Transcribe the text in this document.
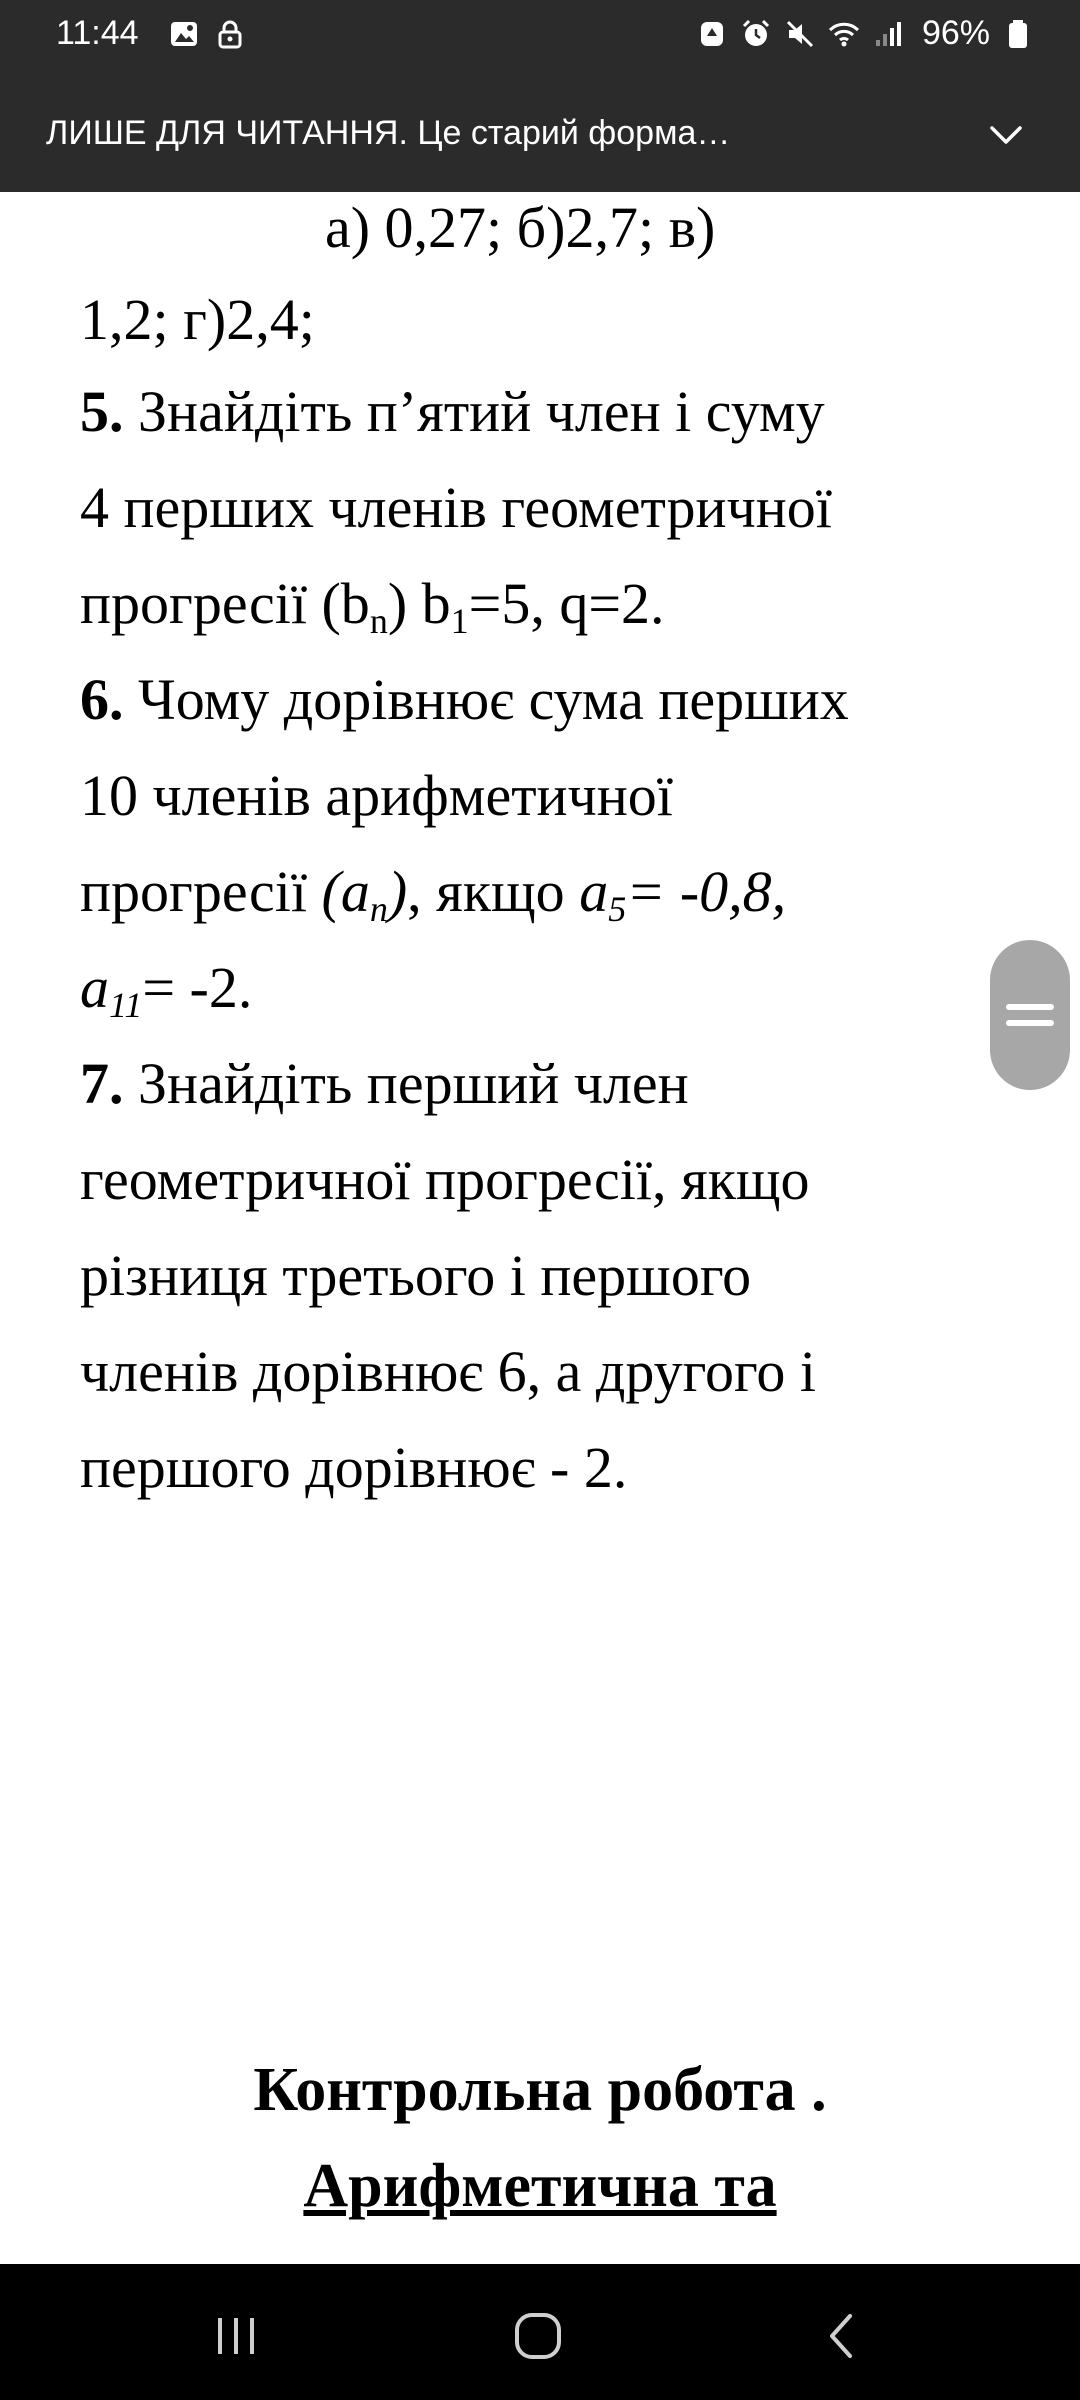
11:44	96%
ЛИШЕ ДЛЯ ЧИТАННЯ. Це старий форма…
а) 0,27; б)2,7; в)
1,2; г)2,4;
5. Знайдіть п’ятий член і суму
4 перших членів геометричної
прогресії $(b_n)$ $b_1=5$, q=2.
6. Чому дорівнює сума перших
10 членів арифметичної
прогресії $(a_n)$, якщо $a_5= -0,8$,
$a_{11}= -2$.
7. Знайдіть перший член
геометричної прогресії, якщо
різниця третього і першого
членів дорівнює 6, а другого і
першого дорівнює - 2.
Контрольна робота .
Арифметична та
